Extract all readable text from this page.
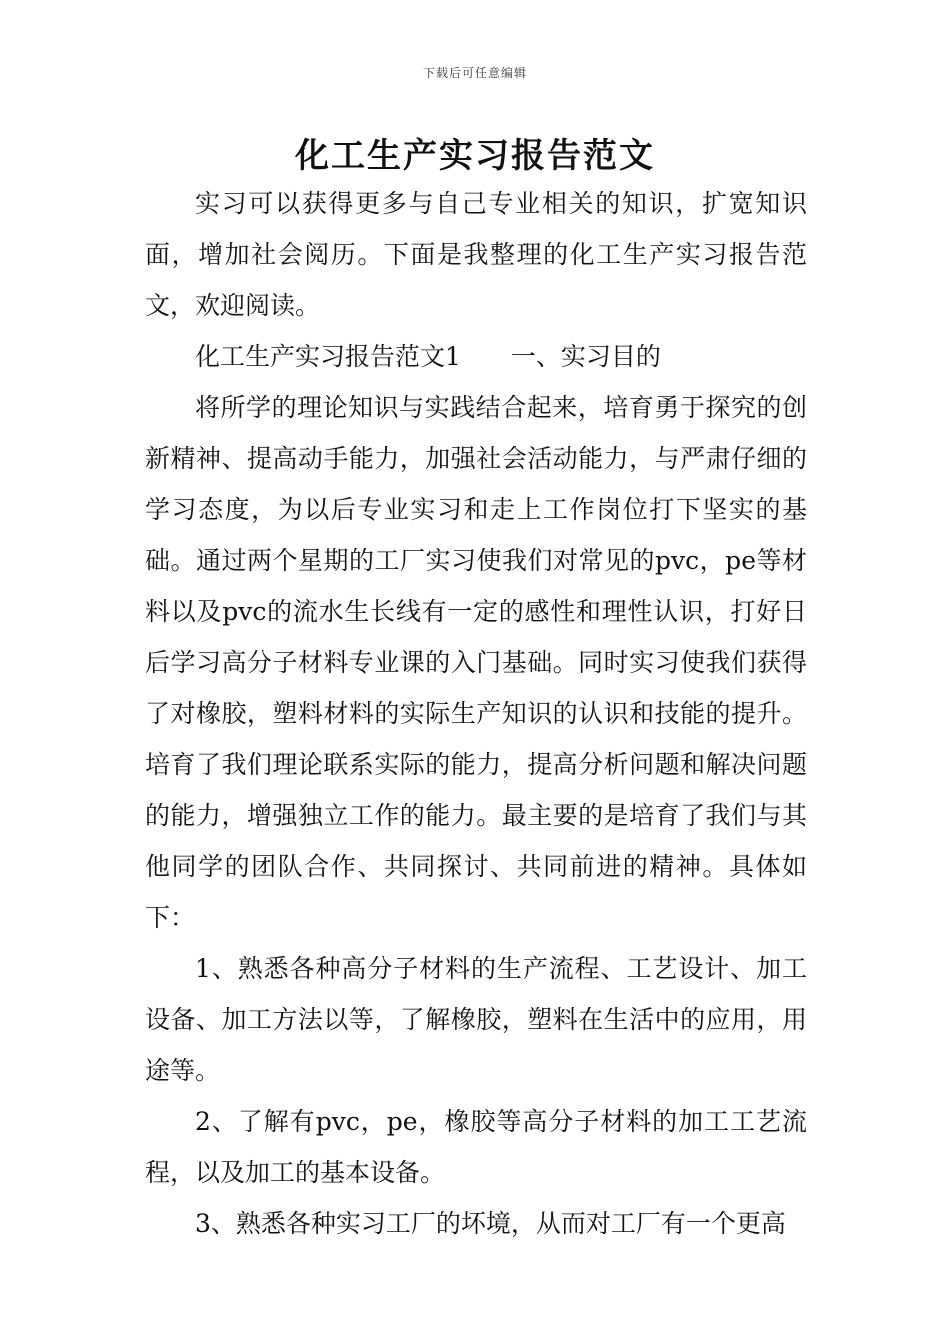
下载后可任意编辑
化工生产实习报告范文

实习可以获得更多与自己专业相关的知识，扩宽知识面，增加社会阅历。下面是我整理的化工生产实习报告范文，欢迎阅读。

化工生产实习报告范文1 一、实习目的

将所学的理论知识与实践结合起来，培育勇于探究的创新精神、提高动手能力，加强社会活动能力，与严肃仔细的学习态度，为以后专业实习和走上工作岗位打下坚实的基础。通过两个星期的工厂实习使我们对常见的pvc，pe等材料以及pvc的流水生长线有一定的感性和理性认识，打好日后学习高分子材料专业课的入门基础。同时实习使我们获得了对橡胶，塑料材料的实际生产知识的认识和技能的提升。培育了我们理论联系实际的能力，提高分析问题和解决问题的能力，增强独立工作的能力。最主要的是培育了我们与其他同学的团队合作、共同探讨、共同前进的精神。具体如下：

1、熟悉各种高分子材料的生产流程、工艺设计、加工设备、加工方法以等，了解橡胶，塑料在生活中的应用，用途等。

2、了解有pvc，pe，橡胶等高分子材料的加工工艺流程，以及加工的基本设备。

3、熟悉各种实习工厂的坏境，从而对工厂有一个更高
